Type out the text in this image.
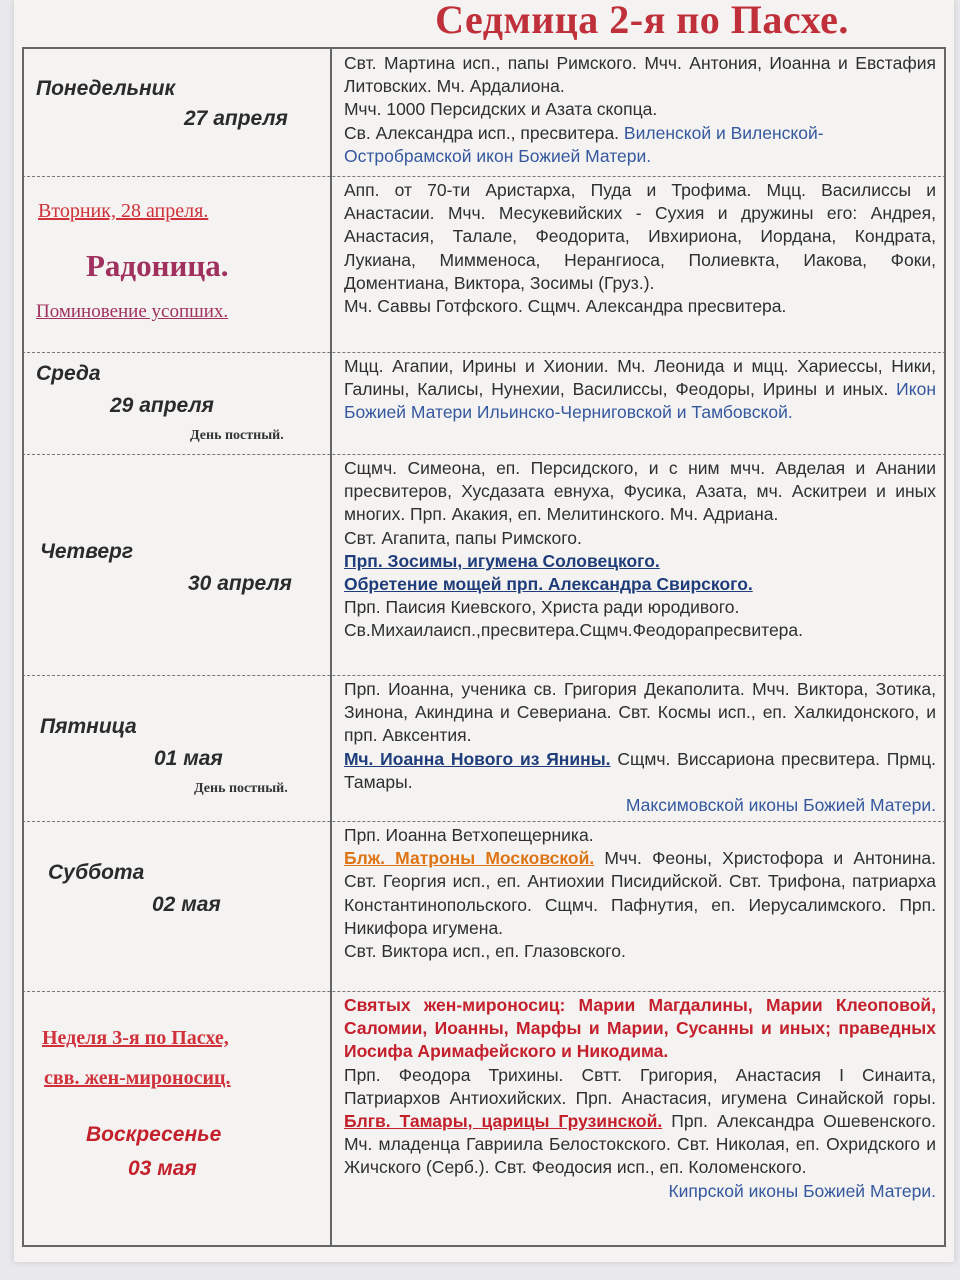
Седмица 2-я по Пасхе.
Понедельник
27 апреля

Свт. Мартина исп., папы Римского. Мчч. Антония, Иоанна и Евстафия Литовских. Мч. Ардалиона.

Мчч. 1000 Персидских и Азата скопца.

Св. Александра исп., пресвитера. Виленской и Виленской-Остробрамской икон Божией Матери.

Вторник, 28 апреля.
Радоница.
Поминовение усопших.

Апп. от 70-ти Аристарха, Пуда и Трофима. Мцц. Василиссы и Анастасии. Мчч. Месукевийских - Сухия и дружины его: Андрея, Анастасия, Талале, Феодорита, Ивхириона, Иордана, Кондрата, Лукиана, Мимменоса, Нерангиоса, Полиевкта, Иакова, Фоки, Доментиана, Виктора, Зосимы (Груз.).

Мч. Саввы Готфского. Сщмч. Александра пресвитера.

Среда
29 апреля
День постный.

Мцц. Агапии, Ирины и Хионии. Мч. Леонида и мцц. Хариессы, Ники, Галины, Калисы, Нунехии, Василиссы, Феодоры, Ирины и иных. Икон Божией Матери Ильинско-Черниговской и Тамбовской.

Четверг
30 апреля

Сщмч. Симеона, еп. Персидского, и с ним мчч. Авделая и Анании пресвитеров, Хусдазата евнуха, Фусика, Азата, мч. Аскитреи и иных многих. Прп. Акакия, еп. Мелитинского. Мч. Адриана.

Свт. Агапита, папы Римского.

Прп. Зосимы, игумена Соловецкого.

Обретение мощей прп. Александра Свирского.

Прп. Паисия Киевского, Христа ради юродивого.

Св.Михаилаисп.,пресвитера.Сщмч.Феодорапресвитера.

Пятница
01 мая
День постный.

Прп. Иоанна, ученика св. Григория Декаполита. Мчч. Виктора, Зотика, Зинона, Акиндина и Севериана. Свт. Космы исп., еп. Халкидонского, и прп. Авксентия.

Мч. Иоанна Нового из Янины. Сщмч. Виссариона пресвитера. Прмц. Тамары.

Максимовской иконы Божией Матери.

Суббота
02 мая

Прп. Иоанна Ветхопещерника.

Блж. Матроны Московской. Мчч. Феоны, Христофора и Антонина. Свт. Георгия исп., еп. Антиохии Писидийской. Свт. Трифона, патриарха Константинопольского. Сщмч. Пафнутия, еп. Иерусалимского. Прп. Никифора игумена.

Свт. Виктора исп., еп. Глазовского.

Неделя 3-я по Пасхе,
свв. жен-мироносиц.
Воскресенье
03 мая

Святых жен-мироносиц: Марии Магдалины, Марии Клеоповой, Саломии, Иоанны, Марфы и Марии, Сусанны и иных; праведных Иосифа Аримафейского и Никодима.

Прп. Феодора Трихины. Свтт. Григория, Анастасия I Синаита, Патриархов Антиохийских. Прп. Анастасия, игумена Синайской горы. Блгв. Тамары, царицы Грузинской. Прп. Александра Ошевенского. Мч. младенца Гавриила Белостокского. Свт. Николая, еп. Охридского и Жичского (Серб.). Свт. Феодосия исп., еп. Коломенского.

Кипрской иконы Божией Матери.
